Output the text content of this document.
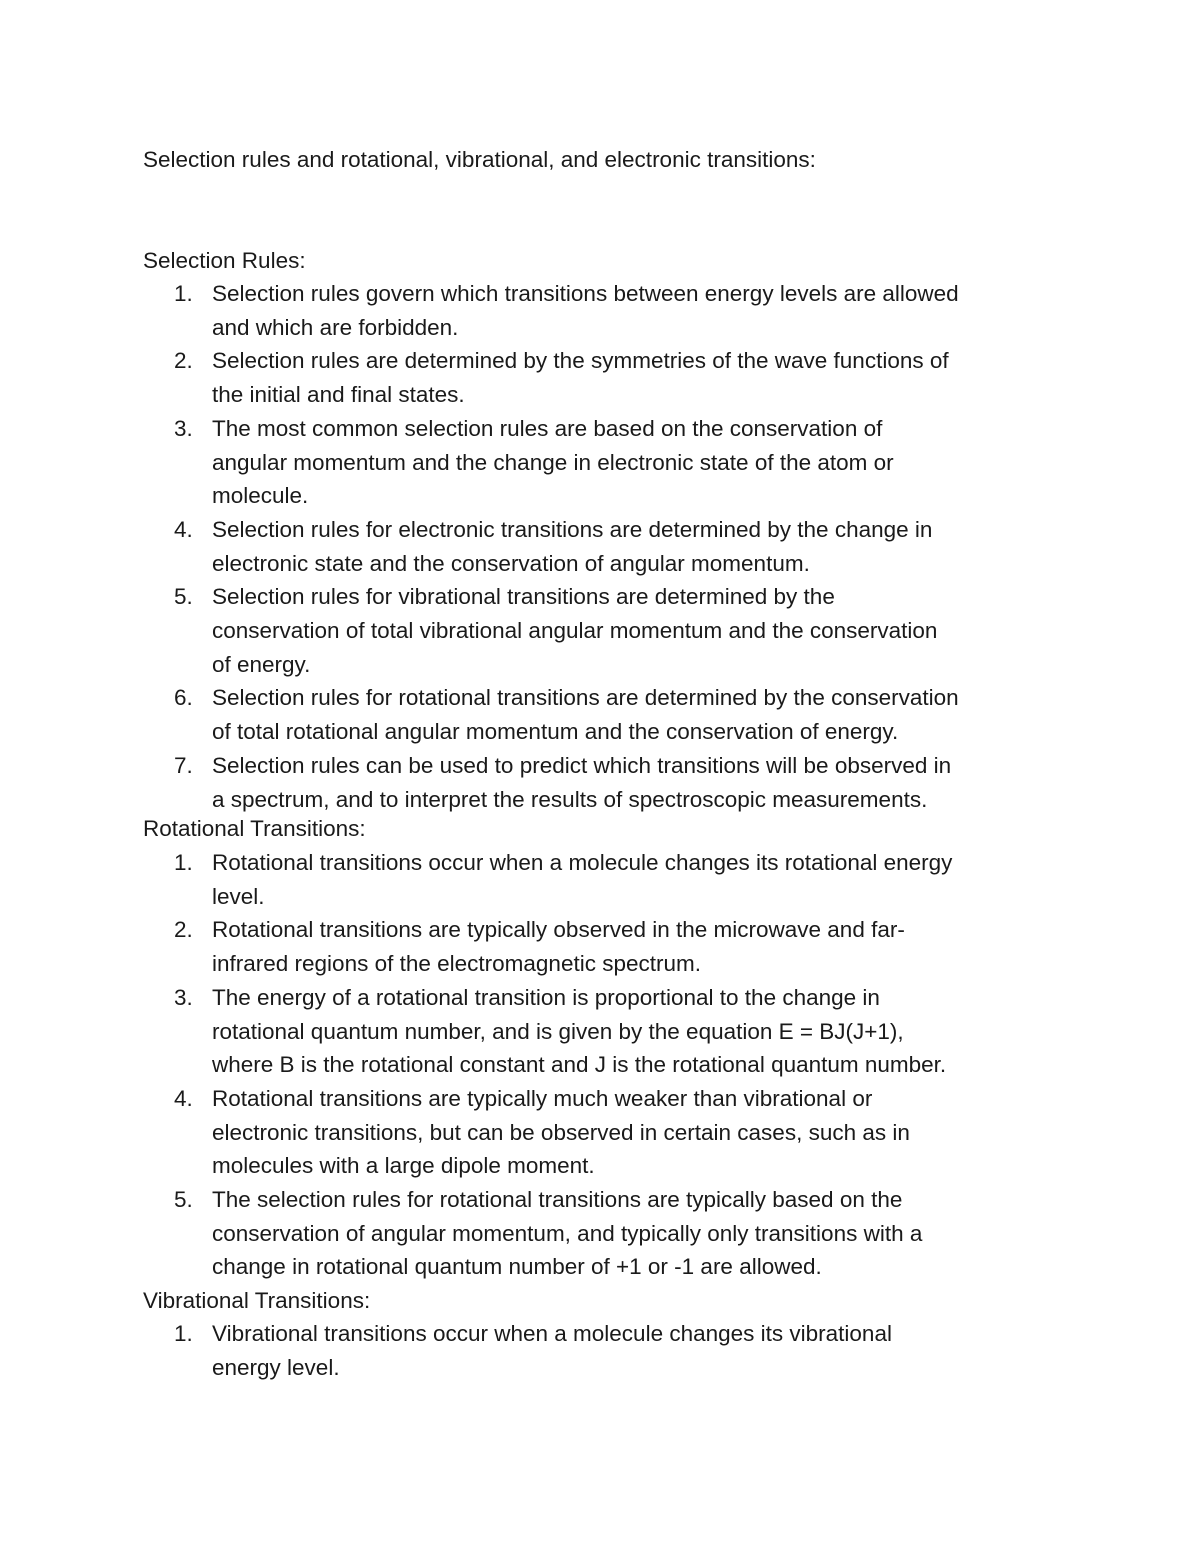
Selection rules and rotational, vibrational, and electronic transitions:
Selection Rules:
1. Selection rules govern which transitions between energy levels are allowed
and which are forbidden.
2. Selection rules are determined by the symmetries of the wave functions of
the initial and final states.
3. The most common selection rules are based on the conservation of
angular momentum and the change in electronic state of the atom or
molecule.
4. Selection rules for electronic transitions are determined by the change in
electronic state and the conservation of angular momentum.
5. Selection rules for vibrational transitions are determined by the
conservation of total vibrational angular momentum and the conservation
of energy.
6. Selection rules for rotational transitions are determined by the conservation
of total rotational angular momentum and the conservation of energy.
7. Selection rules can be used to predict which transitions will be observed in
a spectrum, and to interpret the results of spectroscopic measurements.
Rotational Transitions:
1. Rotational transitions occur when a molecule changes its rotational energy
level.
2. Rotational transitions are typically observed in the microwave and far-
infrared regions of the electromagnetic spectrum.
3. The energy of a rotational transition is proportional to the change in
rotational quantum number, and is given by the equation E = BJ(J+1),
where B is the rotational constant and J is the rotational quantum number.
4. Rotational transitions are typically much weaker than vibrational or
electronic transitions, but can be observed in certain cases, such as in
molecules with a large dipole moment.
5. The selection rules for rotational transitions are typically based on the
conservation of angular momentum, and typically only transitions with a
change in rotational quantum number of +1 or -1 are allowed.
Vibrational Transitions:
1. Vibrational transitions occur when a molecule changes its vibrational
energy level.
